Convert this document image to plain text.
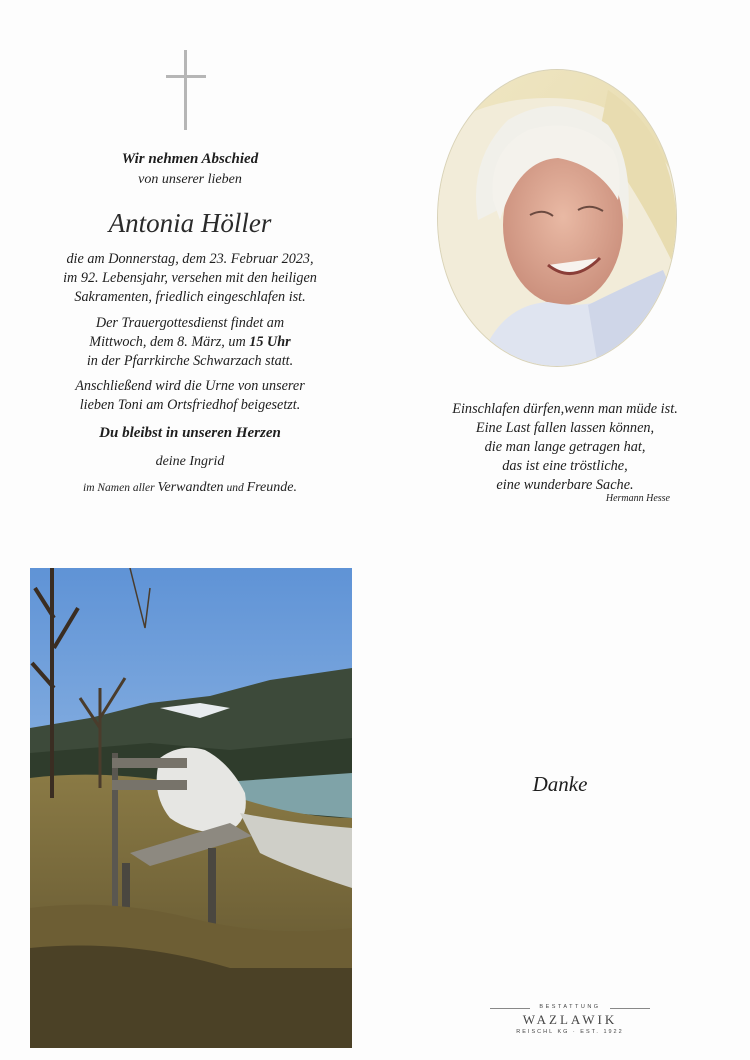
Wir nehmen Abschied
von unserer lieben
Antonia Höller
die am Donnerstag, dem 23. Februar 2023,
im 92. Lebensjahr, versehen mit den heiligen
Sakramenten, friedlich eingeschlafen ist.
Der Trauergottesdienst findet am
Mittwoch, dem 8. März, um 15 Uhr
in der Pfarrkirche Schwarzach statt.
Anschließend wird die Urne von unserer
lieben Toni am Ortsfriedhof beigesetzt.
Du bleibst in unseren Herzen
deine Ingrid
im Namen aller Verwandten und Freunde.
Einschlafen dürfen,wenn man müde ist.
Eine Last fallen lassen können,
die man lange getragen hat,
das ist eine tröstliche,
eine wunderbare Sache.
Hermann Hesse
Danke
BESTATTUNG
WAZLAWIK
REISCHL KG · EST. 1922
